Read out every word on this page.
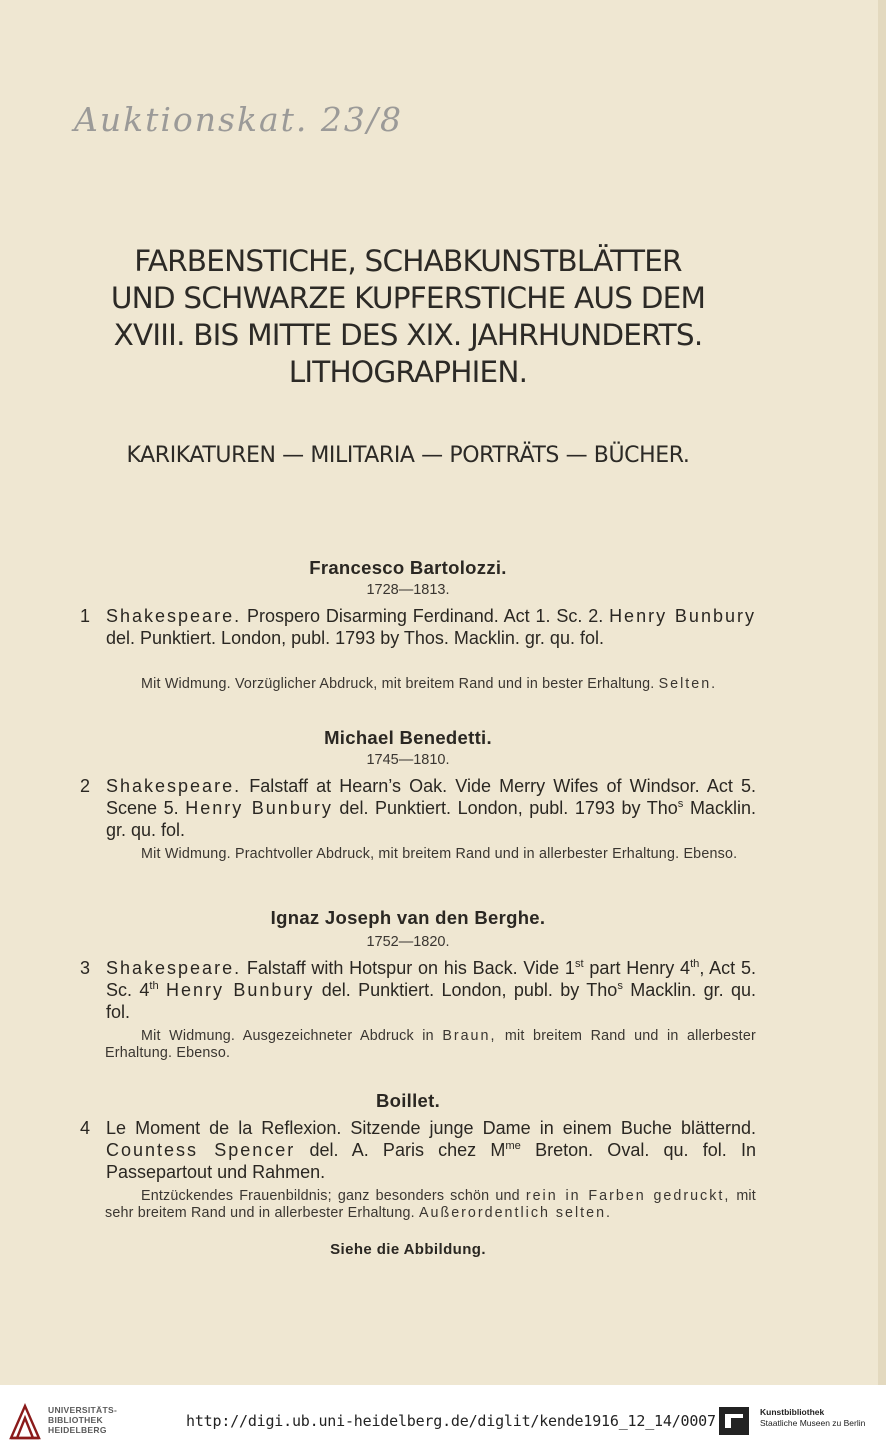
Auktionskat. 23/8
FARBENSTICHE, SCHABKUNSTBLÄTTER
UND SCHWARZE KUPFERSTICHE AUS DEM
XVIII. BIS MITTE DES XIX. JAHRHUNDERTS.
LITHOGRAPHIEN.
KARIKATUREN — MILITARIA — PORTRÄTS — BÜCHER.
Francesco Bartolozzi.
1728—1813.
1 Shakespeare. Prospero Disarming Ferdinand. Act 1. Sc. 2. Henry Bunbury del. Punktiert. London, publ. 1793 by Thos. Macklin. gr. qu. fol.
Mit Widmung. Vorzüglicher Abdruck, mit breitem Rand und in bester Erhaltung. Selten.
Michael Benedetti.
1745—1810.
2 Shakespeare. Falstaff at Hearn’s Oak. Vide Merry Wifes of Windsor. Act 5. Scene 5. Henry Bunbury del. Punktiert. London, publ. 1793 by Tho$^s$ Macklin. gr. qu. fol.
Mit Widmung. Prachtvoller Abdruck, mit breitem Rand und in allerbester Erhaltung. Ebenso.
Ignaz Joseph van den Berghe.
1752—1820.
3 Shakespeare. Falstaff with Hotspur on his Back. Vide 1st part Henry 4th, Act 5. Sc. 4th Henry Bunbury del. Punktiert. London, publ. by Tho$^s$ Macklin. gr. qu. fol.
Mit Widmung. Ausgezeichneter Abdruck in Braun, mit breitem Rand und in allerbester Erhaltung. Ebenso.
Boillet.
4 Le Moment de la Reflexion. Sitzende junge Dame in einem Buche blätternd. Countess Spencer del. A. Paris chez $M^{me}$ Breton. Oval. qu. fol. In Passepartout und Rahmen.
Entzückendes Frauenbildnis; ganz besonders schön und rein in Farben gedruckt, mit sehr breitem Rand und in allerbester Erhaltung. Außerordentlich selten.
Siehe die Abbildung.
UNIVERSITÄTS-
BIBLIOTHEK
HEIDELBERG	http://digi.ub.uni-heidelberg.de/diglit/kende1916_12_14/0007	Kunstbibliothek
Staatliche Museen zu Berlin
